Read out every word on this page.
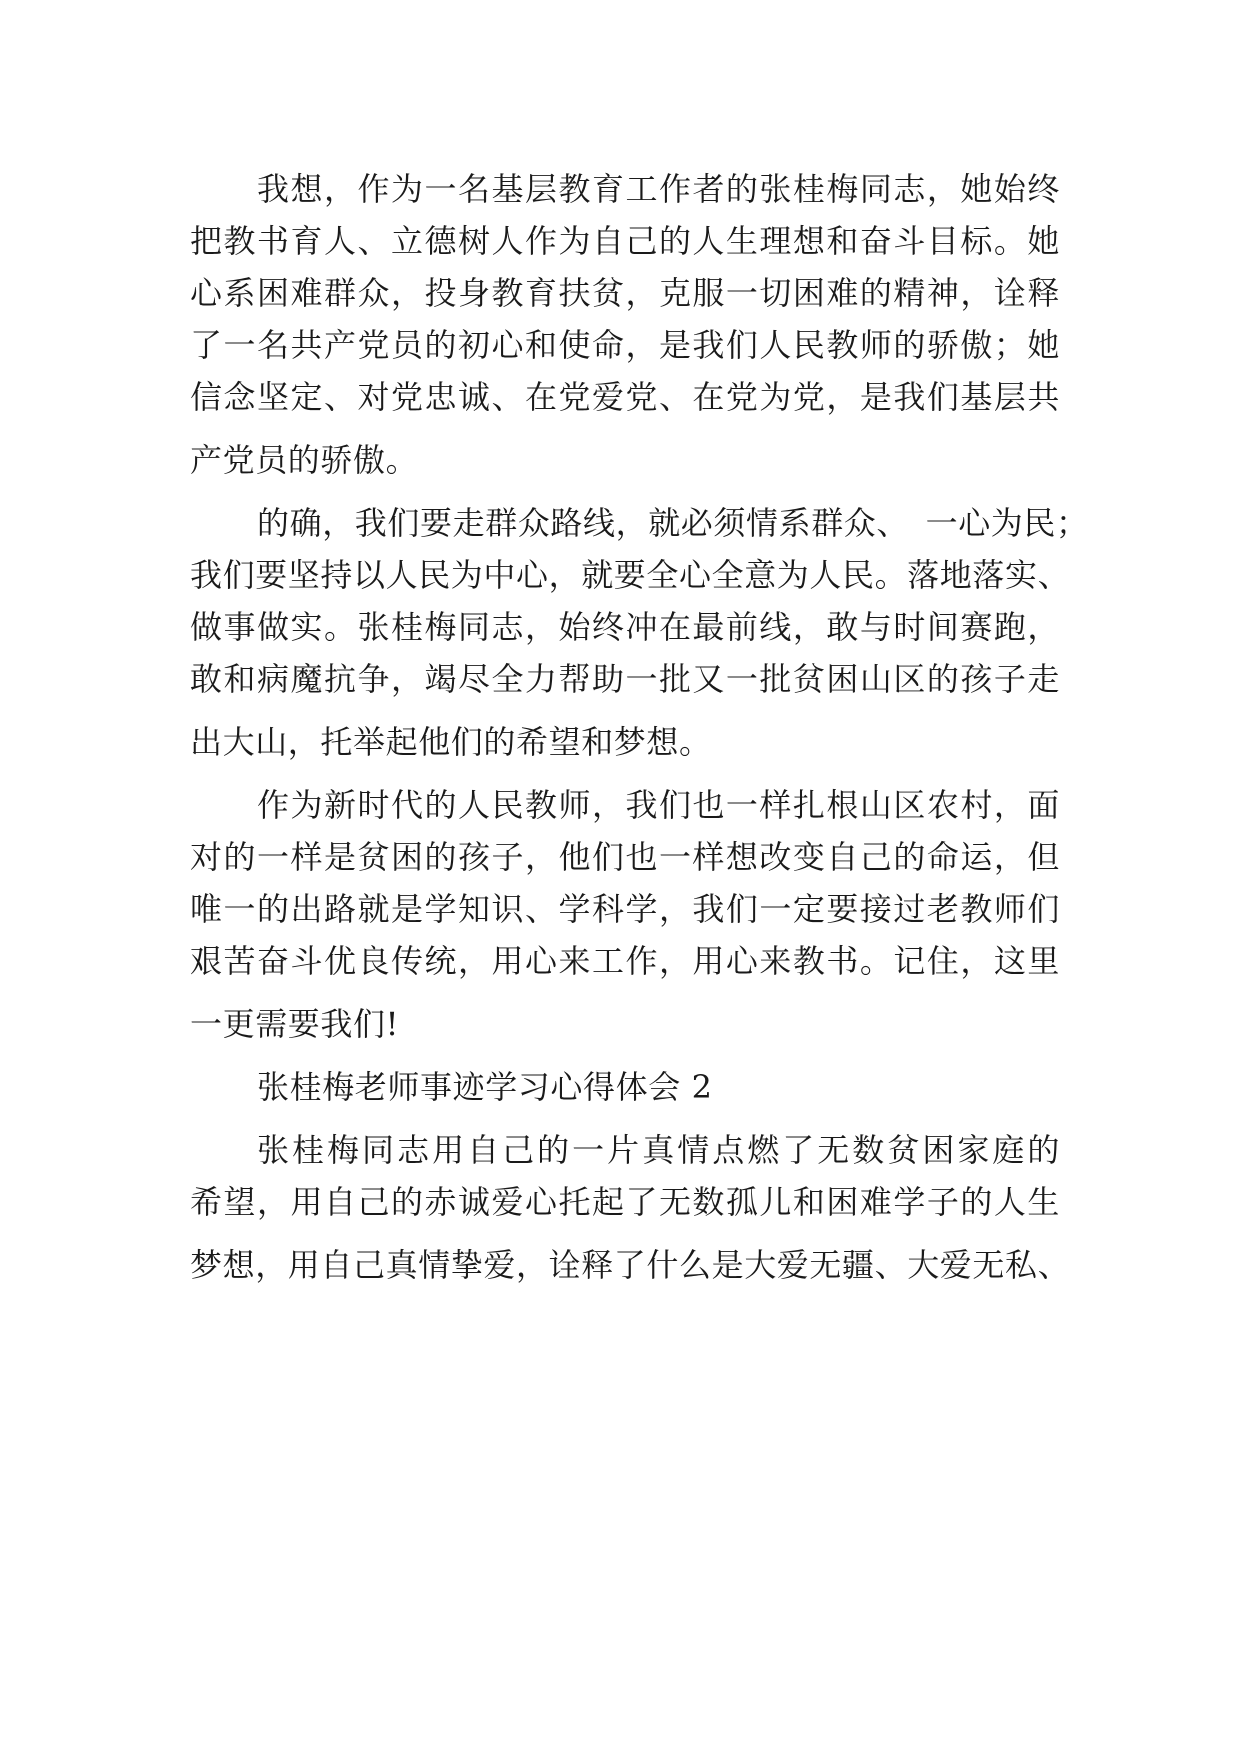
我想，作为一名基层教育工作者的张桂梅同志，她始终
把教书育人、立德树人作为自己的人生理想和奋斗目标。她
心系困难群众，投身教育扶贫，克服一切困难的精神，诠释
了一名共产党员的初心和使命，是我们人民教师的骄傲；她
信念坚定、对党忠诚、在党爱党、在党为党，是我们基层共
产党员的骄傲。
的确，我们要走群众路线，就必须情系群众、　一心为民；
我们要坚持以人民为中心，就要全心全意为人民。落地落实、
做事做实。张桂梅同志，始终冲在最前线，敢与时间赛跑，
敢和病魔抗争，竭尽全力帮助一批又一批贫困山区的孩子走
出大山，托举起他们的希望和梦想。
作为新时代的人民教师，我们也一样扎根山区农村，面
对的一样是贫困的孩子，他们也一样想改变自己的命运，但
唯一的出路就是学知识、学科学，我们一定要接过老教师们
艰苦奋斗优良传统，用心来工作，用心来教书。记住，这里
一更需要我们!
张桂梅老师事迹学习心得体会 2
张桂梅同志用自己的一片真情点燃了无数贫困家庭的
希望，用自己的赤诚爱心托起了无数孤儿和困难学子的人生
梦想，用自己真情挚爱，诠释了什么是大爱无疆、大爱无私、
